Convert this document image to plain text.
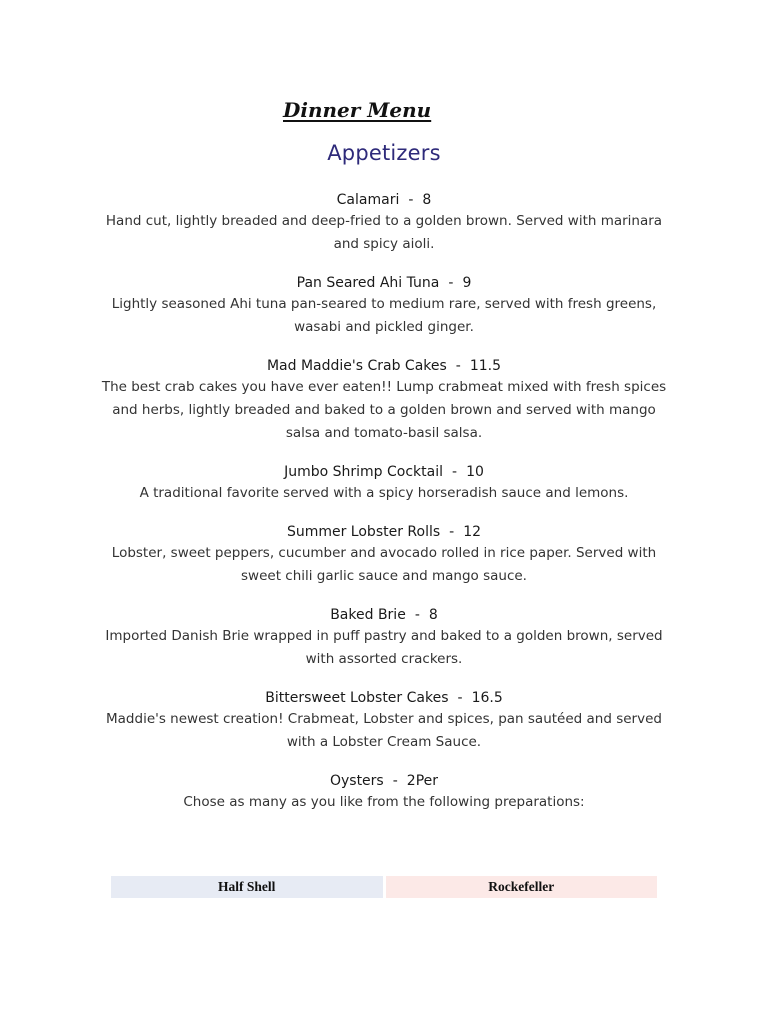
Dinner Menu
Appetizers
Calamari - 8
Hand cut, lightly breaded and deep-fried to a golden brown. Served with marinara and spicy aioli.
Pan Seared Ahi Tuna - 9
Lightly seasoned Ahi tuna pan-seared to medium rare, served with fresh greens, wasabi and pickled ginger.
Mad Maddie's Crab Cakes - 11.5
The best crab cakes you have ever eaten!! Lump crabmeat mixed with fresh spices and herbs, lightly breaded and baked to a golden brown and served with mango salsa and tomato-basil salsa.
Jumbo Shrimp Cocktail - 10
A traditional favorite served with a spicy horseradish sauce and lemons.
Summer Lobster Rolls - 12
Lobster, sweet peppers, cucumber and avocado rolled in rice paper. Served with sweet chili garlic sauce and mango sauce.
Baked Brie - 8
Imported Danish Brie wrapped in puff pastry and baked to a golden brown, served with assorted crackers.
Bittersweet Lobster Cakes - 16.5
Maddie's newest creation! Crabmeat, Lobster and spices, pan sautéed and served with a Lobster Cream Sauce.
Oysters - 2Per
Chose as many as you like from the following preparations:
Half Shell	Rockefeller
